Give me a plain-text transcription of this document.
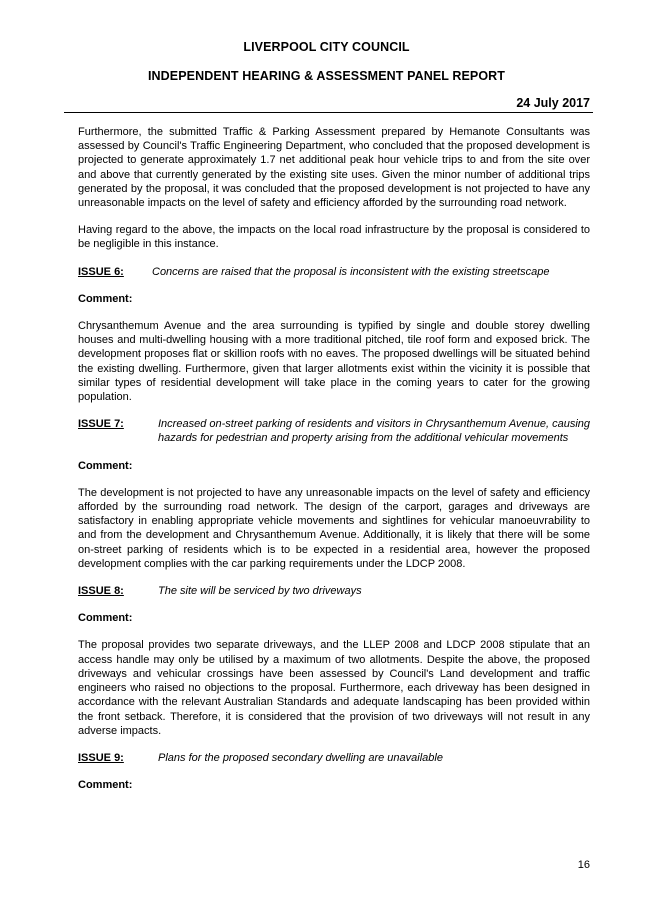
LIVERPOOL CITY COUNCIL
INDEPENDENT HEARING & ASSESSMENT PANEL REPORT
24 July 2017

Furthermore, the submitted Traffic & Parking Assessment prepared by Hemanote Consultants was assessed by Council's Traffic Engineering Department, who concluded that the proposed development is projected to generate approximately 1.7 net additional peak hour vehicle trips to and from the site over and above that currently generated by the existing site uses. Given the minor number of additional trips generated by the proposal, it was concluded that the proposed development is not projected to have any unreasonable impacts on the level of safety and efficiency afforded by the surrounding road network.

Having regard to the above, the impacts on the local road infrastructure by the proposal is considered to be negligible in this instance.

ISSUE 6:	Concerns are raised that the proposal is inconsistent with the existing streetscape
Comment:

Chrysanthemum Avenue and the area surrounding is typified by single and double storey dwelling houses and multi-dwelling housing with a more traditional pitched, tile roof form and exposed brick. The development proposes flat or skillion roofs with no eaves. The proposed dwellings will be situated behind the existing dwelling. Furthermore, given that larger allotments exist within the vicinity it is possible that similar types of residential development will take place in the coming years to cater for the growing population.

ISSUE 7:	Increased on-street parking of residents and visitors in Chrysanthemum Avenue, causing hazards for pedestrian and property arising from the additional vehicular movements
Comment:

The development is not projected to have any unreasonable impacts on the level of safety and efficiency afforded by the surrounding road network. The design of the carport, garages and driveways are satisfactory in enabling appropriate vehicle movements and sightlines for vehicular manoeuvrability to and from the development and Chrysanthemum Avenue. Additionally, it is likely that there will be some on-street parking of residents which is to be expected in a residential area, however the proposed development complies with the car parking requirements under the LDCP 2008.

ISSUE 8:	The site will be serviced by two driveways
Comment:

The proposal provides two separate driveways, and the LLEP 2008 and LDCP 2008 stipulate that an access handle may only be utilised by a maximum of two allotments. Despite the above, the proposed driveways and vehicular crossings have been assessed by Council's Land development and traffic engineers who raised no objections to the proposal. Furthermore, each driveway has been designed in accordance with the relevant Australian Standards and adequate landscaping has been provided within the front setback. Therefore, it is considered that the provision of two driveways will not result in any adverse impacts.

ISSUE 9:	Plans for the proposed secondary dwelling are unavailable
Comment:
16
